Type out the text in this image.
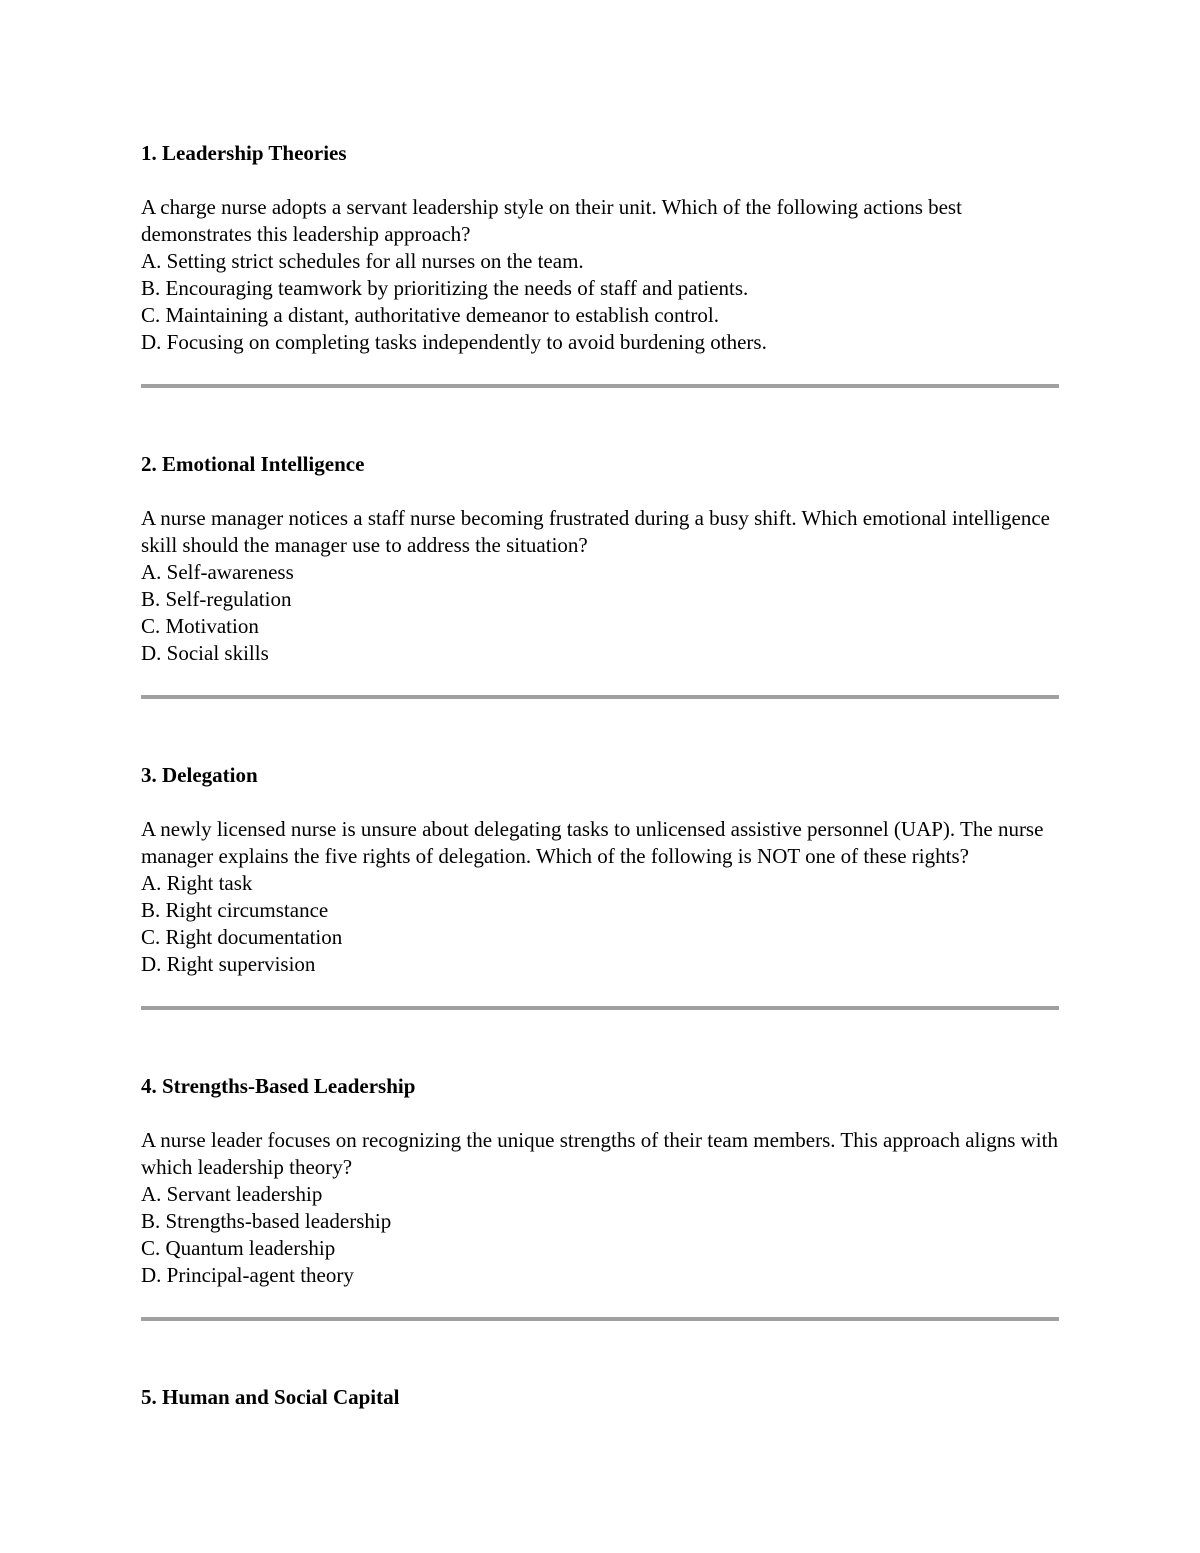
1. Leadership Theories

A charge nurse adopts a servant leadership style on their unit. Which of the following actions best demonstrates this leadership approach?

A. Setting strict schedules for all nurses on the team.
B. Encouraging teamwork by prioritizing the needs of staff and patients.
C. Maintaining a distant, authoritative demeanor to establish control.
D. Focusing on completing tasks independently to avoid burdening others.

2. Emotional Intelligence

A nurse manager notices a staff nurse becoming frustrated during a busy shift. Which emotional intelligence skill should the manager use to address the situation?

A. Self-awareness
B. Self-regulation
C. Motivation
D. Social skills

3. Delegation

A newly licensed nurse is unsure about delegating tasks to unlicensed assistive personnel (UAP). The nurse manager explains the five rights of delegation. Which of the following is NOT one of these rights?

A. Right task
B. Right circumstance
C. Right documentation
D. Right supervision

4. Strengths-Based Leadership

A nurse leader focuses on recognizing the unique strengths of their team members. This approach aligns with which leadership theory?

A. Servant leadership
B. Strengths-based leadership
C. Quantum leadership
D. Principal-agent theory

5. Human and Social Capital
